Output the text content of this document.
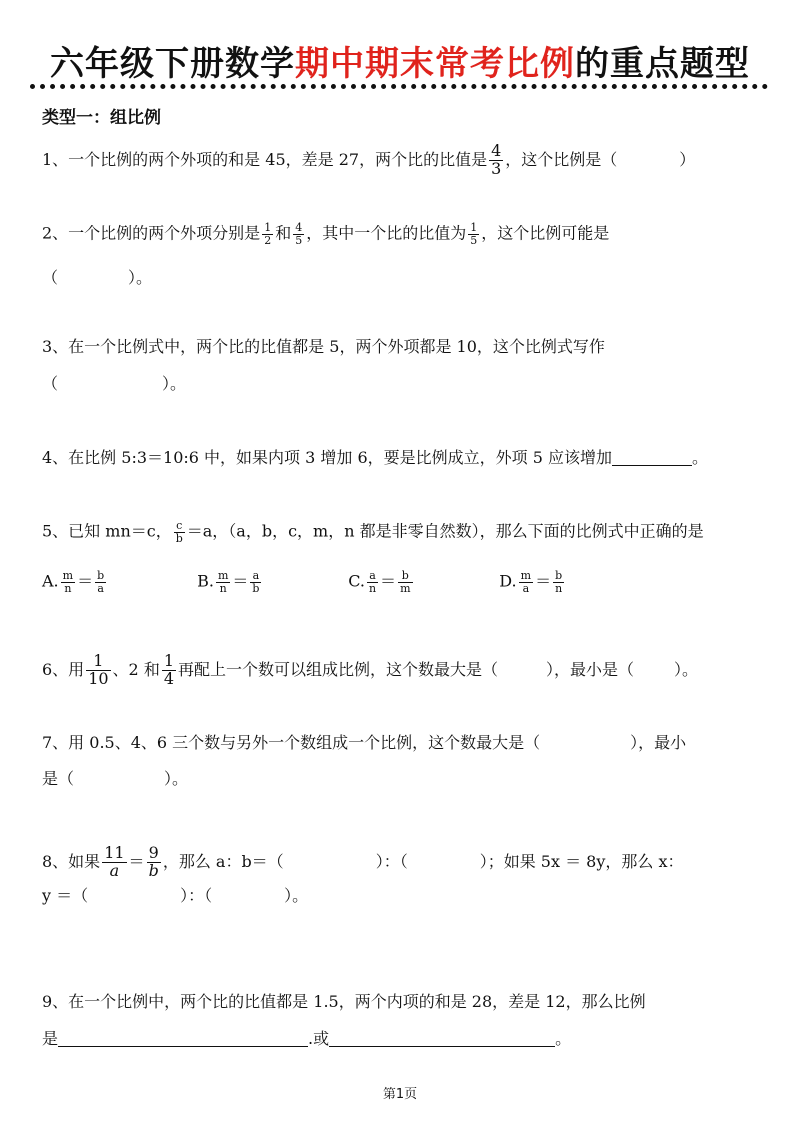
六年级下册数学期中期末常考比例的重点题型
类型一：组比例
1、一个比例的两个外项的和是 45，差是 27，两个比的比值是 $\frac{4}{3}$ ，这个比例是（	）
2、一个比例的两个外项分别是 $\frac{1}{2}$ 和 $\frac{4}{5}$ ，其中一个比的比值为 $\frac{1}{5}$ ，这个比例可能是
（	）。
3、在一个比例式中，两个比的比值都是 5，两个外项都是 10，这个比例式写作
（	）。
4、在比例 5:3＝10:6 中，如果内项 3 增加 6，要是比例成立，外项 5 应该增加	。
5、已知 mn＝c， $\frac{c}{b} =a$，（a，b，c，m，n 都是非零自然数），那么下面的比例式中正确的是
A. $\frac{m}{n} = \frac{b}{a}$	B. $\frac{m}{n} = \frac{a}{b}$	C. $\frac{a}{n} = \frac{b}{m}$	D. $\frac{m}{a} = \frac{b}{n}$
6、用 $\frac{1}{10}$ 、2 和 $\frac{1}{4}$ 再配上一个数可以组成比例，这个数最大是（	），最小是（	）。
7、用 0.5、4、6 三个数与另外一个数组成一个比例，这个数最大是（	），最小
是（	）。
8、如果 $\frac{11}{a} = \frac{9}{b}$ ，那么 a：b＝（	）：（	）；如果 5x ＝ 8y，那么 x：
y ＝（	）：（	）。
9、在一个比例中，两个比的比值都是 1.5，两个内项的和是 28，差是 12，那么比例
是	.或	。
第1页
